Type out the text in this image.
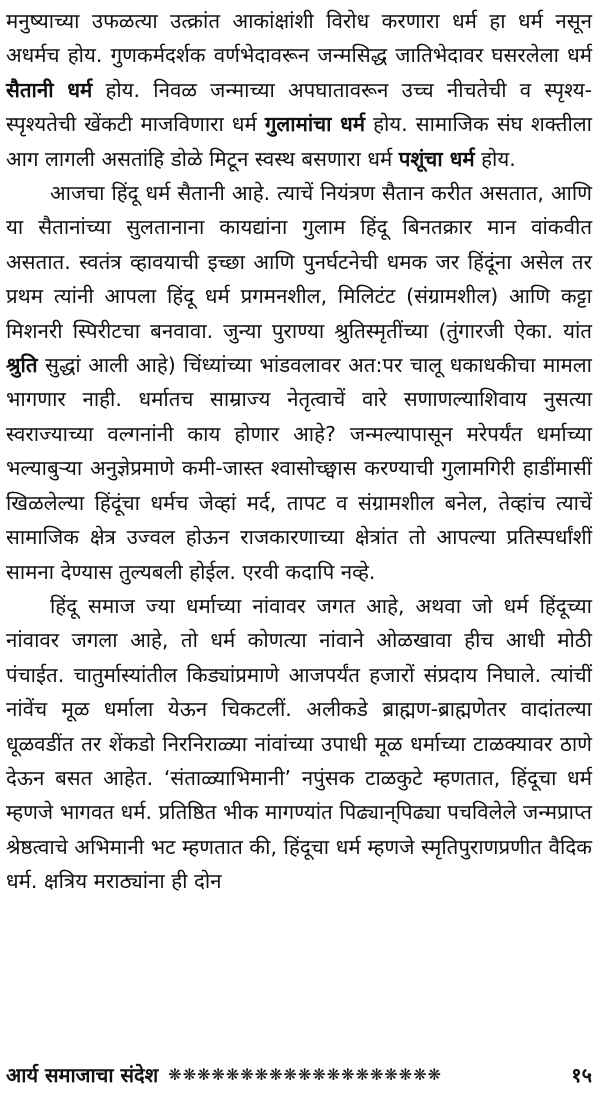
मनुष्याच्या उफळत्या उत्क्रांत आकांक्षांशी विरोध करणारा धर्म हा धर्म नसून अधर्मच होय. गुणकर्मदर्शक वर्णभेदावरून जन्मसिद्ध जातिभेदावर घसरलेला धर्म सैतानी धर्म होय. निवळ जन्माच्या अपघातावरून उच्च नीचतेची व स्पृश्य-स्पृश्यतेची खेंकटी माजविणारा धर्म गुलामांचा धर्म होय. सामाजिक संघ शक्तीला आग लागली असतांहि डोळे मिटून स्वस्थ बसणारा धर्म पशूंचा धर्म होय.

आजचा हिंदू धर्म सैतानी आहे. त्याचें नियंत्रण सैतान करीत असतात, आणि या सैतानांच्या सुलतानाना कायद्यांना गुलाम हिंदू बिनतक्रार मान वांकवीत असतात. स्वतंत्र व्हावयाची इच्छा आणि पुनर्घटनेची धमक जर हिंदूंना असेल तर प्रथम त्यांनी आपला हिंदू धर्म प्रगमनशील, मिलिटंट (संग्रामशील) आणि कट्टा मिशनरी स्पिरीटचा बनवावा. जुन्या पुराण्या श्रुतिस्मृतींच्या (तुंगारजी ऐका. यांत श्रुति सुद्धां आली आहे) चिंध्यांच्या भांडवलावर अत:पर चालू धकाधकीचा मामला भागणार नाही. धर्मातच साम्राज्य नेतृत्वाचें वारे सणाणल्याशिवाय नुसत्या स्वराज्याच्या वल्गनांनी काय होणार आहे? जन्मल्यापासून मरेपर्यंत धर्माच्या भल्याबुऱ्या अनुज्ञेप्रमाणे कमी-जास्त श्वासोच्छ्वास करण्याची गुलामगिरी हाडींमासीं खिळलेल्या हिंदूंचा धर्मच जेव्हां मर्द, तापट व संग्रामशील बनेल, तेव्हांच त्याचें सामाजिक क्षेत्र उज्वल होऊन राजकारणाच्या क्षेत्रांत तो आपल्या प्रतिस्पर्धांशीं सामना देण्यास तुल्यबली होईल. एरवी कदापि नव्हे.

हिंदू समाज ज्या धर्माच्या नांवावर जगत आहे, अथवा जो धर्म हिंदूच्या नांवावर जगला आहे, तो धर्म कोणत्या नांवाने ओळखावा हीच आधी मोठी पंचाईत. चातुर्मास्यांतील किड्यांप्रमाणे आजपर्यंत हजारों संप्रदाय निघाले. त्यांचीं नांवेंच मूळ धर्माला येऊन चिकटलीं. अलीकडे ब्राह्मण-ब्राह्मणेतर वादांतल्या धूळवडींत तर शेंकडो निरनिराळ्या नांवांच्या उपाधी मूळ धर्माच्या टाळक्यावर ठाणे देऊन बसत आहेत. ‘संताळ्याभिमानी’ नपुंसक टाळकुटे म्हणतात, हिंदूचा धर्म म्हणजे भागवत धर्म. प्रतिष्ठित भीक मागण्यांत पिढ्यान्‌पिढ्या पचविलेले जन्मप्राप्त श्रेष्ठत्वाचे अभिमानी भट म्हणतात की, हिंदूचा धर्म म्हणजे स्मृतिपुराणप्रणीत वैदिक धर्म. क्षत्रिय मराठ्यांना ही दोन

आर्य समाजाचा संदेश ❋❋❋❋❋❋❋❋❋❋❋❋❋❋❋❋❋❋❋	१५
